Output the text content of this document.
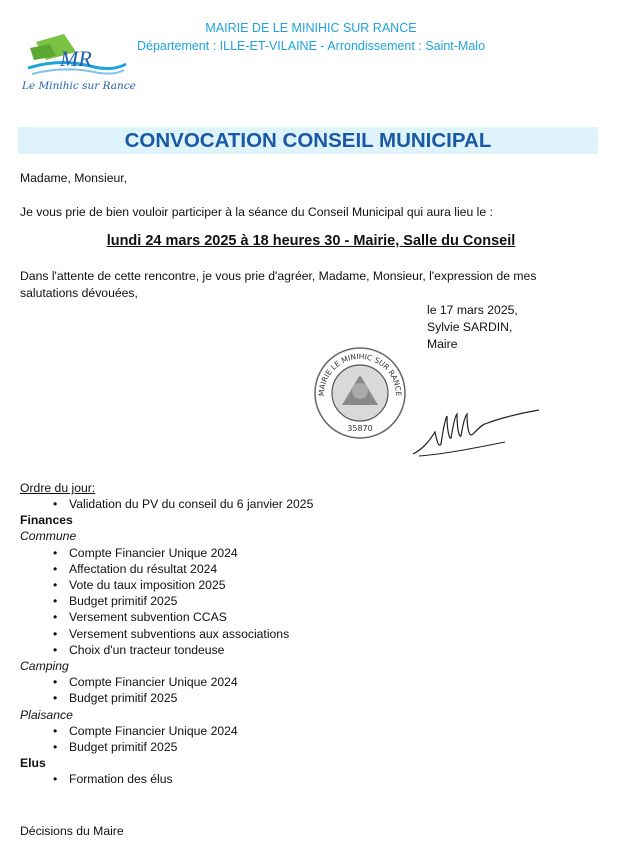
MAIRIE DE LE MINIHIC SUR RANCE
Département : ILLE-ET-VILAINE - Arrondissement : Saint-Malo
MR
Le Minihic sur Rance
CONVOCATION CONSEIL MUNICIPAL
Madame, Monsieur,
Je vous prie de bien vouloir participer à la séance du Conseil Municipal qui aura lieu le :
lundi 24 mars 2025 à 18 heures 30 - Mairie, Salle du Conseil
Dans l'attente de cette rencontre, je vous prie d'agréer, Madame, Monsieur, l'expression de mes
salutations dévouées,
le 17 mars 2025,
Sylvie SARDIN,
Maire
MAIRIE LE MINIHIC SUR RANCE
35870
Ordre du jour:
• Validation du PV du conseil du 6 janvier 2025
Finances
Commune
• Compte Financier Unique 2024
• Affectation du résultat 2024
• Vote du taux imposition 2025
• Budget primitif 2025
• Versement subvention CCAS
• Versement subventions aux associations
• Choix d'un tracteur tondeuse
Camping
• Compte Financier Unique 2024
• Budget primitif 2025
Plaisance
• Compte Financier Unique 2024
• Budget primitif 2025
Elus
• Formation des élus
Décisions du Maire
